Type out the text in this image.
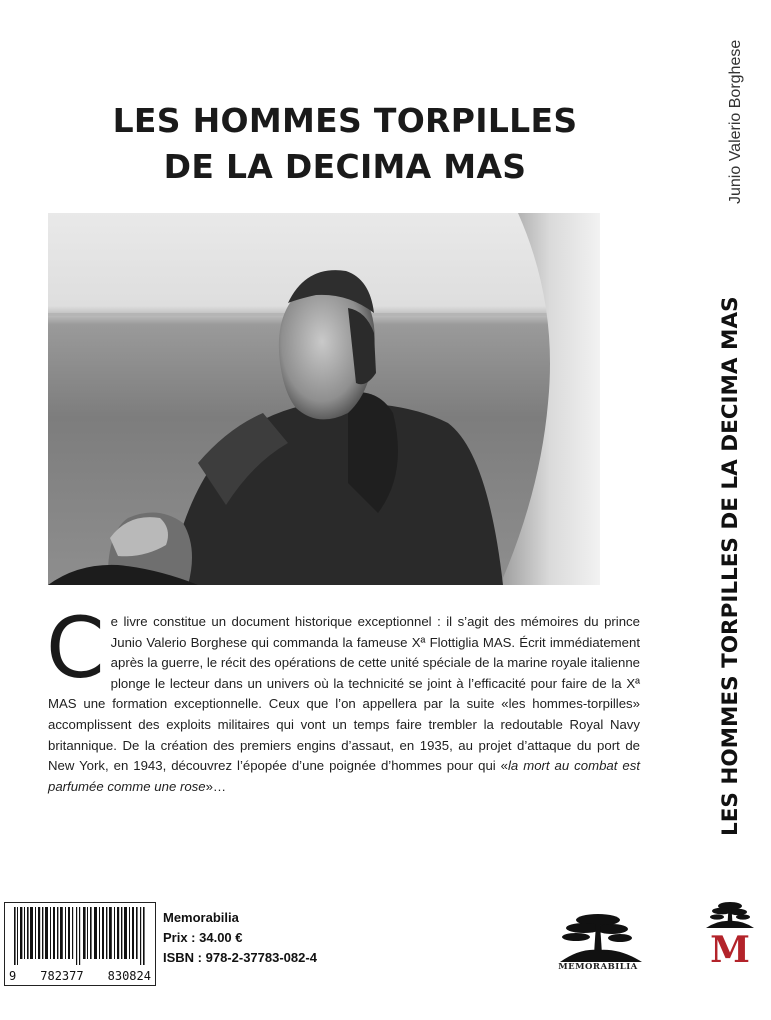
LES HOMMES TORPILLES
DE LA DECIMA MAS
Ce livre constitue un document historique exceptionnel : il s’agit des mémoires du prince Junio Valerio Borghese qui commanda la fameuse Xª Flottiglia MAS. Écrit immédiatement après la guerre, le récit des opérations de cette unité spéciale de la marine royale italienne plonge le lecteur dans un univers où la technicité se joint à l’efficacité pour faire de la Xª MAS une formation exceptionnelle. Ceux que l’on appellera par la suite «les hommes-torpilles» accomplissent des exploits militaires qui vont un temps faire trembler la redoutable Royal Navy britannique. De la création des premiers engins d’assaut, en 1935, au projet d’attaque du port de New York, en 1943, découvrez l’épopée d’une poignée d’hommes pour qui «la mort au combat est parfumée comme une rose»…
9 782377 830824
Memorabilia
Prix : 34.00 €
ISBN : 978-2-37783-082-4
MEMORABILIA
Junio Valerio Borghese
LES HOMMES TORPILLES DE LA DECIMA MAS
M
